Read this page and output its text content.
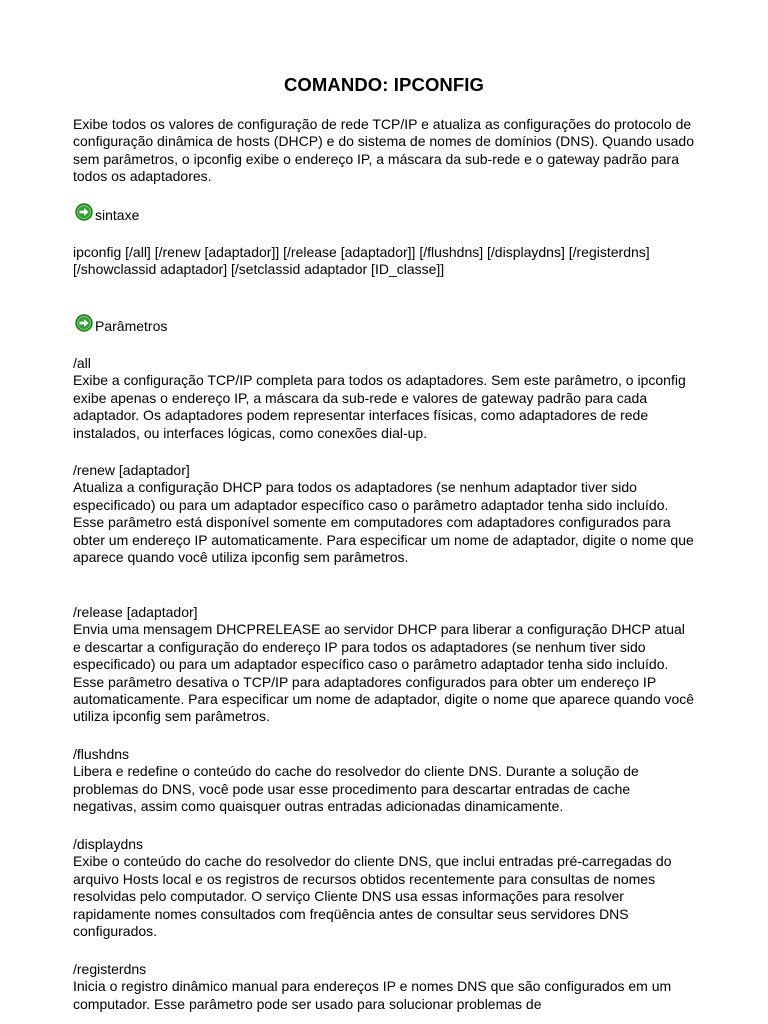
COMANDO: IPCONFIG

Exibe todos os valores de configuração de rede TCP/IP e atualiza as configurações do protocolo de configuração dinâmica de hosts (DHCP) e do sistema de nomes de domínios (DNS). Quando usado sem parâmetros, o ipconfig exibe o endereço IP, a máscara da sub-rede e o gateway padrão para todos os adaptadores.

sintaxe

ipconfig [/all] [/renew [adaptador]] [/release [adaptador]] [/flushdns] [/displaydns] [/registerdns] [/showclassid adaptador] [/setclassid adaptador [ID_classe]]

Parâmetros
/all

Exibe a configuração TCP/IP completa para todos os adaptadores. Sem este parâmetro, o ipconfig exibe apenas o endereço IP, a máscara da sub-rede e valores de gateway padrão para cada adaptador. Os adaptadores podem representar interfaces físicas, como adaptadores de rede instalados, ou interfaces lógicas, como conexões dial-up.

/renew [adaptador]

Atualiza a configuração DHCP para todos os adaptadores (se nenhum adaptador tiver sido especificado) ou para um adaptador específico caso o parâmetro adaptador tenha sido incluído. Esse parâmetro está disponível somente em computadores com adaptadores configurados para obter um endereço IP automaticamente. Para especificar um nome de adaptador, digite o nome que aparece quando você utiliza ipconfig sem parâmetros.

/release [adaptador]

Envia uma mensagem DHCPRELEASE ao servidor DHCP para liberar a configuração DHCP atual e descartar a configuração do endereço IP para todos os adaptadores (se nenhum tiver sido especificado) ou para um adaptador específico caso o parâmetro adaptador tenha sido incluído. Esse parâmetro desativa o TCP/IP para adaptadores configurados para obter um endereço IP automaticamente. Para especificar um nome de adaptador, digite o nome que aparece quando você utiliza ipconfig sem parâmetros.

/flushdns

Libera e redefine o conteúdo do cache do resolvedor do cliente DNS. Durante a solução de problemas do DNS, você pode usar esse procedimento para descartar entradas de cache negativas, assim como quaisquer outras entradas adicionadas dinamicamente.

/displaydns

Exibe o conteúdo do cache do resolvedor do cliente DNS, que inclui entradas pré-carregadas do arquivo Hosts local e os registros de recursos obtidos recentemente para consultas de nomes resolvidas pelo computador. O serviço Cliente DNS usa essas informações para resolver rapidamente nomes consultados com freqüência antes de consultar seus servidores DNS configurados.

/registerdns

Inicia o registro dinâmico manual para endereços IP e nomes DNS que são configurados em um computador. Esse parâmetro pode ser usado para solucionar problemas de
